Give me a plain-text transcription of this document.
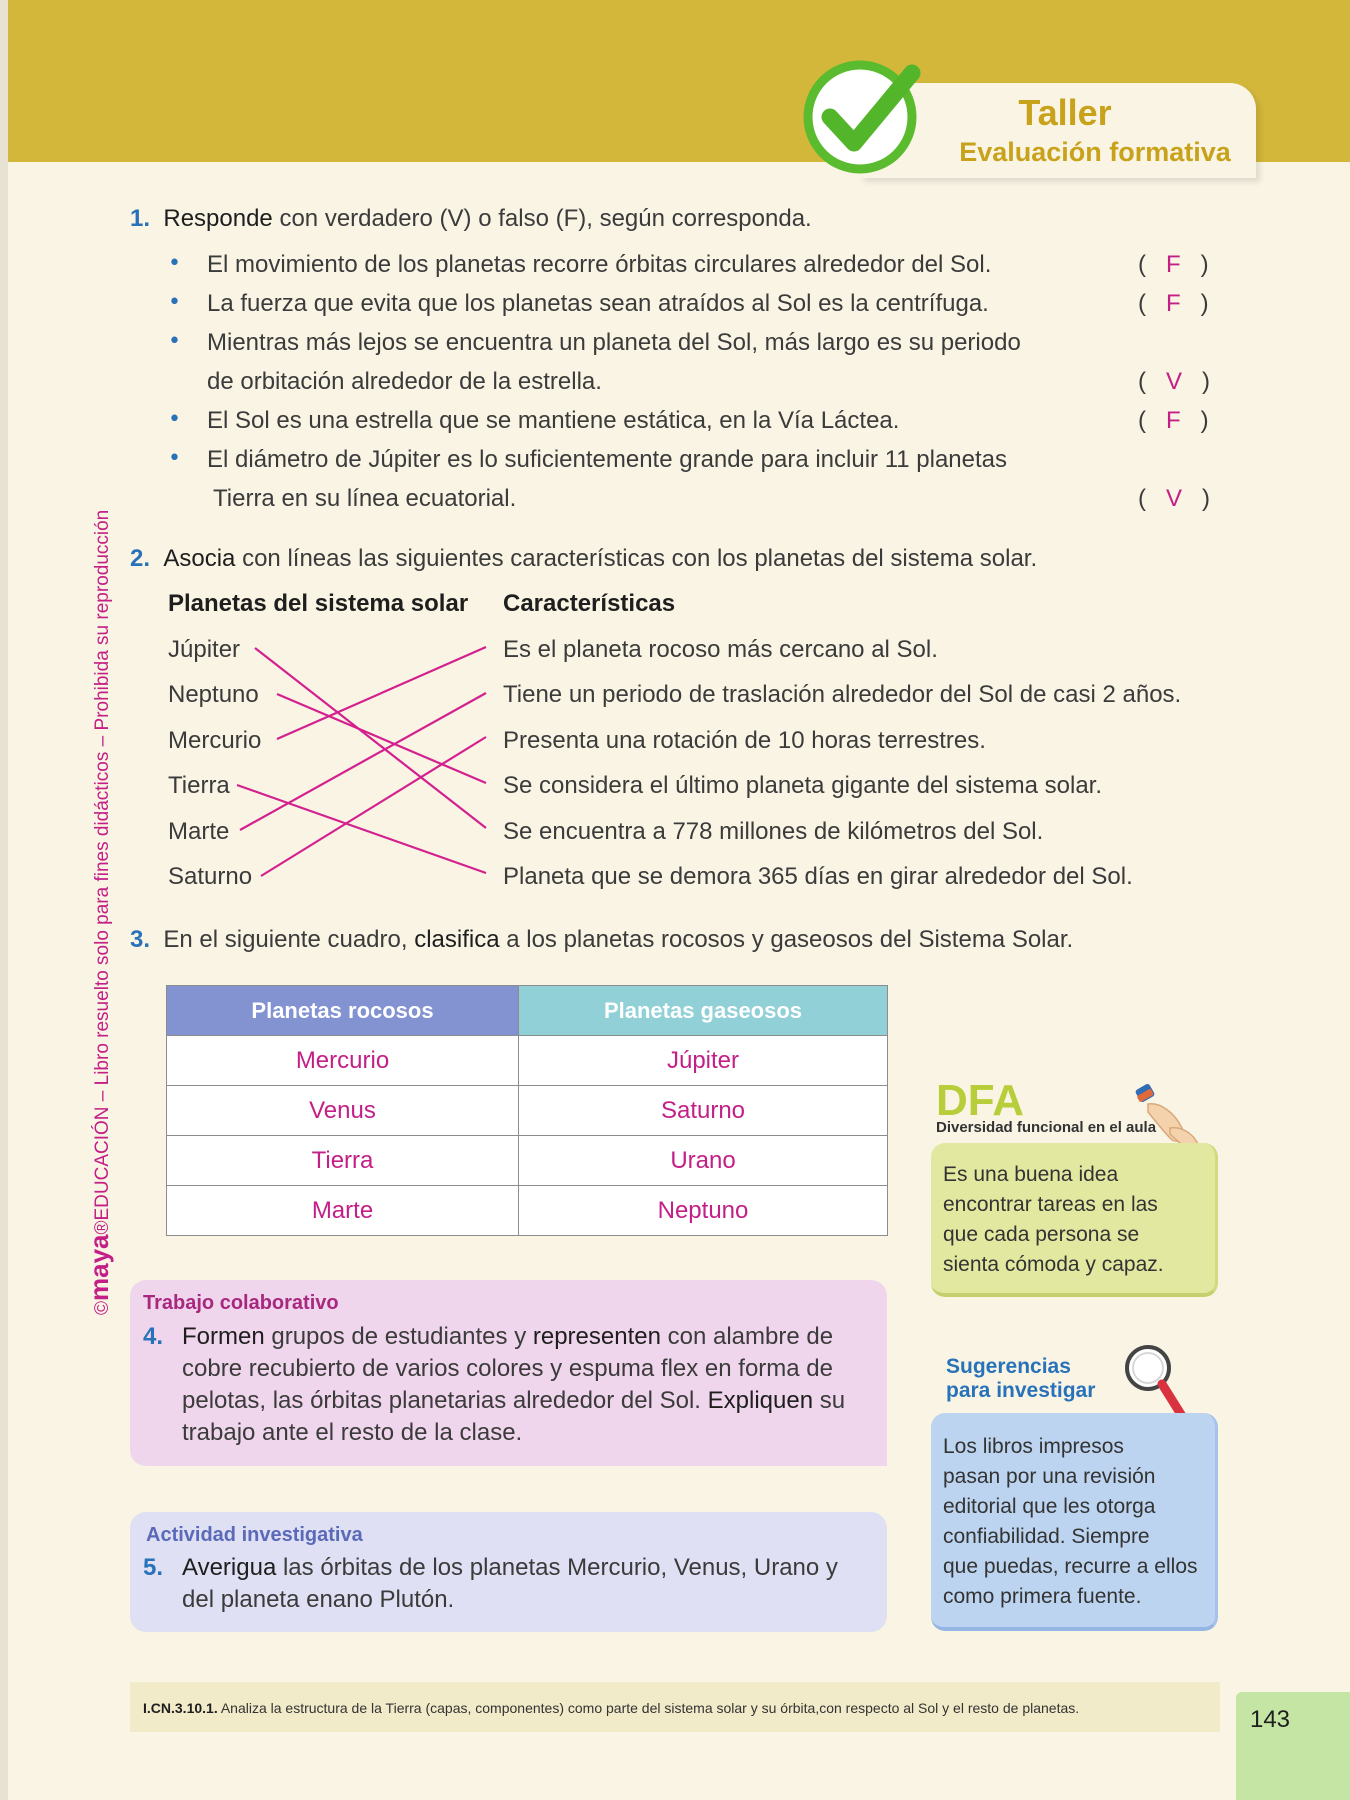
Taller
Evaluación formativa
©maya®EDUCACIÓN – Libro resuelto solo para fines didácticos – Prohibida su reproducción
1. Responde con verdadero (V) o falso (F), según corresponda.
• El movimiento de los planetas recorre órbitas circulares alrededor del Sol.	(   F   )
• La fuerza que evita que los planetas sean atraídos al Sol es la centrífuga.	(   F   )
• Mientras más lejos se encuentra un planeta del Sol, más largo es su periodo
de orbitación alrededor de la estrella.	(   V   )
• El Sol es una estrella que se mantiene estática, en la Vía Láctea.	(   F   )
• El diámetro de Júpiter es lo suficientemente grande para incluir 11 planetas
Tierra en su línea ecuatorial.	(   V   )
2. Asocia con líneas las siguientes características con los planetas del sistema solar.
Planetas del sistema solar Características
Júpiter
Neptuno
Mercurio
Tierra
Marte
Saturno
Es el planeta rocoso más cercano al Sol.
Tiene un periodo de traslación alrededor del Sol de casi 2 años.
Presenta una rotación de 10 horas terrestres.
Se considera el último planeta gigante del sistema solar.
Se encuentra a 778 millones de kilómetros del Sol.
Planeta que se demora 365 días en girar alrededor del Sol.
3. En el siguiente cuadro, clasifica a los planetas rocosos y gaseosos del Sistema Solar.
Planetas rocosos	Planetas gaseosos
Mercurio	Júpiter
Venus	Saturno
Tierra	Urano
Marte	Neptuno
Trabajo colaborativo
4. Formen grupos de estudiantes y representen con alambre de
cobre recubierto de varios colores y espuma flex en forma de
pelotas, las órbitas planetarias alrededor del Sol. Expliquen su
trabajo ante el resto de la clase.
Actividad investigativa
5. Averigua las órbitas de los planetas Mercurio, Venus, Urano y
del planeta enano Plutón.
DFA
Diversidad funcional en el aula
Es una buena idea
encontrar tareas en las
que cada persona se
sienta cómoda y capaz.
Sugerencias
para investigar
Los libros impresos
pasan por una revisión
editorial que les otorga
confiabilidad. Siempre
que puedas, recurre a ellos
como primera fuente.
I.CN.3.10.1. Analiza la estructura de la Tierra (capas, componentes) como parte del sistema solar y su órbita,con respecto al Sol y el resto de planetas.	143
